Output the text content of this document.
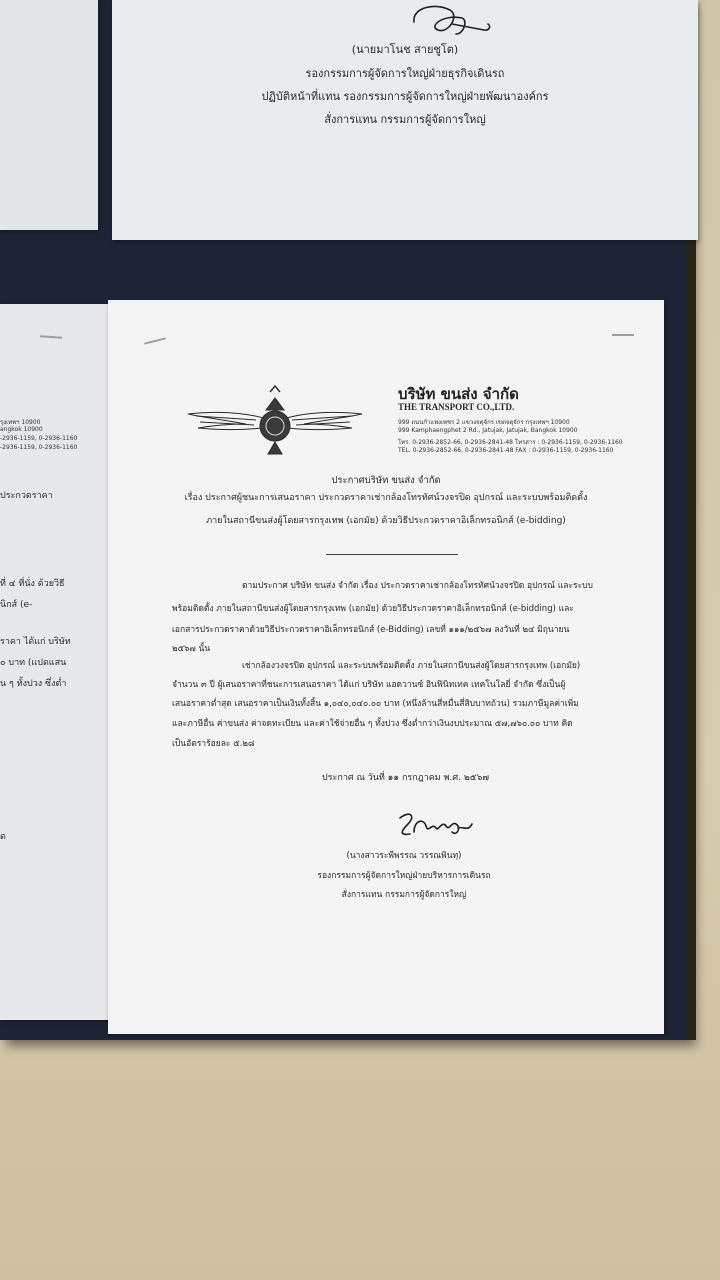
(นายมาโนช สายชูโต)
รองกรรมการผู้จัดการใหญ่ฝ่ายธุรกิจเดินรถ
ปฏิบัติหน้าที่แทน รองกรรมการผู้จัดการใหญ่ฝ่ายพัฒนาองค์กร
สั่งการแทน กรรมการผู้จัดการใหญ่
รุงเทพฯ 10900
angkok 10900
-2936-1159, 0-2936-1160
-2936-1159, 0-2936-1160
ประกวดราคา
ที่ ๔ ที่นั่ง ด้วยวิธี
นิกส์ (e-
ราคา ได้แก่ บริษัท
๐ บาท (แปดแสน
น ๆ ทั้งปวง ซึ่งต่ำ
ด
บริษัท ขนส่ง จำกัด
THE TRANSPORT CO.,LTD.
999 ถนนกำแพงเพชร 2 แขวงจตุจักร เขตจตุจักร กรุงเทพฯ 10900
999 Kamphaengphet 2 Rd., Jatujak, Jatujak, Bangkok 10900
โทร. 0-2936-2852-66, 0-2936-2841-48 โทรสาร : 0-2936-1159, 0-2936-1160
TEL. 0-2936-2852-66, 0-2936-2841-48 FAX : 0-2936-1159, 0-2936-1160
ประกาศบริษัท ขนส่ง จำกัด
เรื่อง ประกาศผู้ชนะการเสนอราคา ประกวดราคาเช่ากล้องโทรทัศน์วงจรปิด อุปกรณ์ และระบบพร้อมติดตั้ง
ภายในสถานีขนส่งผู้โดยสารกรุงเทพ (เอกมัย) ด้วยวิธีประกวดราคาอิเล็กทรอนิกส์ (e-bidding)
ตามประกาศ บริษัท ขนส่ง จำกัด เรื่อง ประกวดราคาเช่ากล้องโทรทัศน์วงจรปิด อุปกรณ์ และระบบ
พร้อมติดตั้ง ภายในสถานีขนส่งผู้โดยสารกรุงเทพ (เอกมัย) ด้วยวิธีประกวดราคาอิเล็กทรอนิกส์ (e-bidding) และ
เอกสารประกวดราคาด้วยวิธีประกวดราคาอิเล็กทรอนิกส์ (e-Bidding) เลขที่ ๑๑๑/๒๕๖๗ ลงวันที่ ๒๔ มิถุนายน
๒๕๖๗ นั้น
เช่ากล้องวงจรปิด อุปกรณ์ และระบบพร้อมติดตั้ง ภายในสถานีขนส่งผู้โดยสารกรุงเทพ (เอกมัย)
จำนวน ๓ ปี ผู้เสนอราคาที่ชนะการเสนอราคา ได้แก่ บริษัท แอดวานซ์ อินฟินิทเทค เทคโนโลยี่ จำกัด ซึ่งเป็นผู้
เสนอราคาต่ำสุด เสนอราคาเป็นเงินทั้งสิ้น ๑,๐๔๐,๐๔๐.๐๐ บาท (หนึ่งล้านสี่หมื่นสี่สิบบาทถ้วน) รวมภาษีมูลค่าเพิ่ม
และภาษีอื่น ค่าขนส่ง ค่าจดทะเบียน และค่าใช้จ่ายอื่น ๆ ทั้งปวง ซึ่งต่ำกว่าเงินงบประมาณ ๕๗,๗๖๐.๐๐ บาท คิด
เป็นอัตราร้อยละ ๕.๒๘
ประกาศ ณ วันที่ ๑๑ กรกฎาคม พ.ศ. ๒๕๖๗
(นางสาวระพีพรรณ วรรณพินทุ)
รองกรรมการผู้จัดการใหญ่ฝ่ายบริหารการเดินรถ
สั่งการแทน กรรมการผู้จัดการใหญ่
